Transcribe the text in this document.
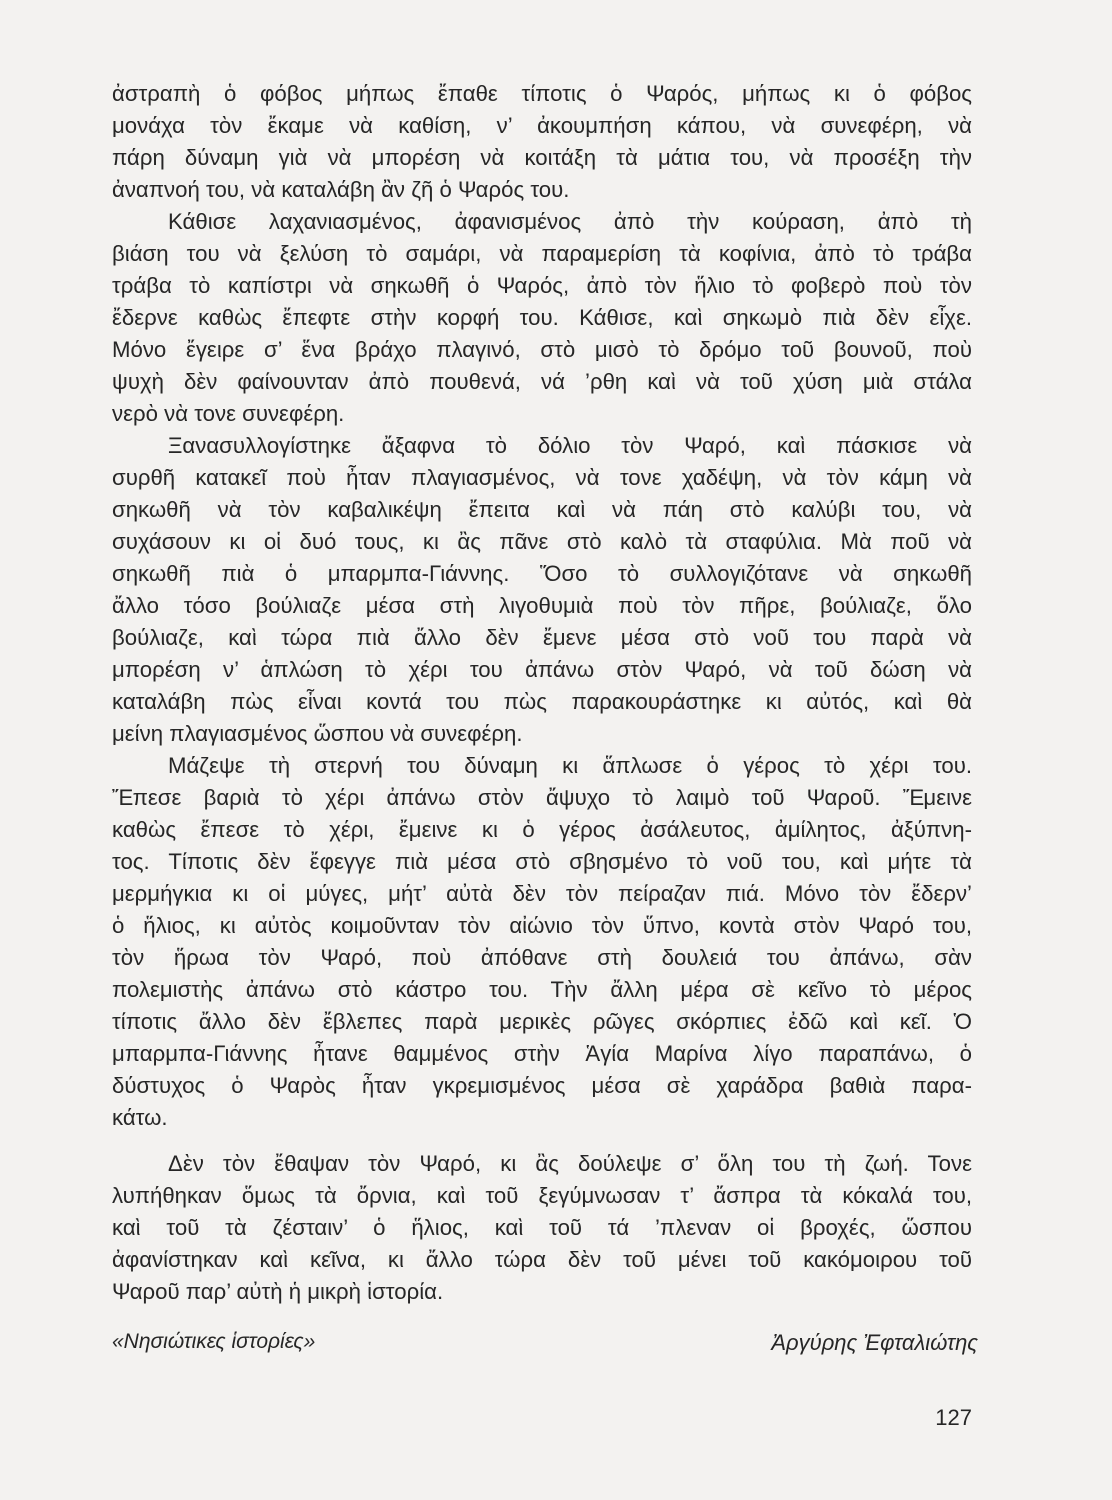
ἀστραπὴ ὁ φόβος μήπως ἔπαθε τίποτις ὁ Ψαρός, μήπως κι ὁ φόβος
μονάχα τὸν ἔκαμε νὰ καθίση, ν’ ἀκουμπήση κάπου, νὰ συνεφέρη, νὰ
πάρη δύναμη γιὰ νὰ μπορέση νὰ κοιτάξη τὰ μάτια του, νὰ προσέξη τὴν
ἀναπνοή του, νὰ καταλάβη ἂν ζῆ ὁ Ψαρός του.
Κάθισε λαχανιασμένος, ἀφανισμένος ἀπὸ τὴν κούραση, ἀπὸ τὴ
βιάση του νὰ ξελύση τὸ σαμάρι, νὰ παραμερίση τὰ κοφίνια, ἀπὸ τὸ τράβα
τράβα τὸ καπίστρι νὰ σηκωθῆ ὁ Ψαρός, ἀπὸ τὸν ἥλιο τὸ φοβερὸ ποὺ τὸν
ἔδερνε καθὼς ἔπεφτε στὴν κορφή του. Κάθισε, καὶ σηκωμὸ πιὰ δὲν εἶχε.
Μόνο ἔγειρε σ’ ἕνα βράχο πλαγινό, στὸ μισὸ τὸ δρόμο τοῦ βουνοῦ, ποὺ
ψυχὴ δὲν φαίνουνταν ἀπὸ πουθενά, νά ’ρθη καὶ νὰ τοῦ χύση μιὰ στάλα
νερὸ νὰ τονε συνεφέρη.
Ξανασυλλογίστηκε ἄξαφνα τὸ δόλιο τὸν Ψαρό, καὶ πάσκισε νὰ
συρθῆ κατακεῖ ποὺ ἦταν πλαγιασμένος, νὰ τονε χαδέψη, νὰ τὸν κάμη νὰ
σηκωθῆ νὰ τὸν καβαλικέψη ἔπειτα καὶ νὰ πάη στὸ καλύβι του, νὰ
συχάσουν κι οἱ δυό τους, κι ἂς πᾶνε στὸ καλὸ τὰ σταφύλια. Μὰ ποῦ νὰ
σηκωθῆ πιὰ ὁ μπαρμπα-Γιάννης. Ὅσο τὸ συλλογιζότανε νὰ σηκωθῆ
ἄλλο τόσο βούλιαζε μέσα στὴ λιγοθυμιὰ ποὺ τὸν πῆρε, βούλιαζε, ὅλο
βούλιαζε, καὶ τώρα πιὰ ἄλλο δὲν ἔμενε μέσα στὸ νοῦ του παρὰ νὰ
μπορέση ν’ ἁπλώση τὸ χέρι του ἀπάνω στὸν Ψαρό, νὰ τοῦ δώση νὰ
καταλάβη πὼς εἶναι κοντά του πὼς παρακουράστηκε κι αὐτός, καὶ θὰ
μείνη πλαγιασμένος ὥσπου νὰ συνεφέρη.
Μάζεψε τὴ στερνή του δύναμη κι ἅπλωσε ὁ γέρος τὸ χέρι του.
Ἔπεσε βαριὰ τὸ χέρι ἀπάνω στὸν ἄψυχο τὸ λαιμὸ τοῦ Ψαροῦ. Ἔμεινε
καθὼς ἔπεσε τὸ χέρι, ἔμεινε κι ὁ γέρος ἀσάλευτος, ἀμίλητος, ἀξύπνη-
τος. Τίποτις δὲν ἔφεγγε πιὰ μέσα στὸ σβησμένο τὸ νοῦ του, καὶ μήτε τὰ
μερμήγκια κι οἱ μύγες, μήτ’ αὐτὰ δὲν τὸν πείραζαν πιά. Μόνο τὸν ἔδερν’
ὁ ἥλιος, κι αὐτὸς κοιμοῦνταν τὸν αἰώνιο τὸν ὕπνο, κοντὰ στὸν Ψαρό του,
τὸν ἥρωα τὸν Ψαρό, ποὺ ἀπόθανε στὴ δουλειά του ἀπάνω, σὰν
πολεμιστὴς ἀπάνω στὸ κάστρο του. Τὴν ἄλλη μέρα σὲ κεῖνο τὸ μέρος
τίποτις ἄλλο δὲν ἔβλεπες παρὰ μερικὲς ρῶγες σκόρπιες ἐδῶ καὶ κεῖ. Ὁ
μπαρμπα-Γιάννης ἦτανε θαμμένος στὴν Ἁγία Μαρίνα λίγο παραπάνω, ὁ
δύστυχος ὁ Ψαρὸς ἦταν γκρεμισμένος μέσα σὲ χαράδρα βαθιὰ παρα-
κάτω.
Δὲν τὸν ἔθαψαν τὸν Ψαρό, κι ἂς δούλεψε σ’ ὅλη του τὴ ζωή. Τονε
λυπήθηκαν ὅμως τὰ ὄρνια, καὶ τοῦ ξεγύμνωσαν τ’ ἄσπρα τὰ κόκαλά του,
καὶ τοῦ τὰ ζέσταιν’ ὁ ἥλιος, καὶ τοῦ τά ’πλεναν οἱ βροχές, ὥσπου
ἀφανίστηκαν καὶ κεῖνα, κι ἄλλο τώρα δὲν τοῦ μένει τοῦ κακόμοιρου τοῦ
Ψαροῦ παρ’ αὐτὴ ἡ μικρὴ ἱστορία.
«Νησιώτικες ἱστορίες»	Ἀργύρης Ἐφταλιώτης
127
